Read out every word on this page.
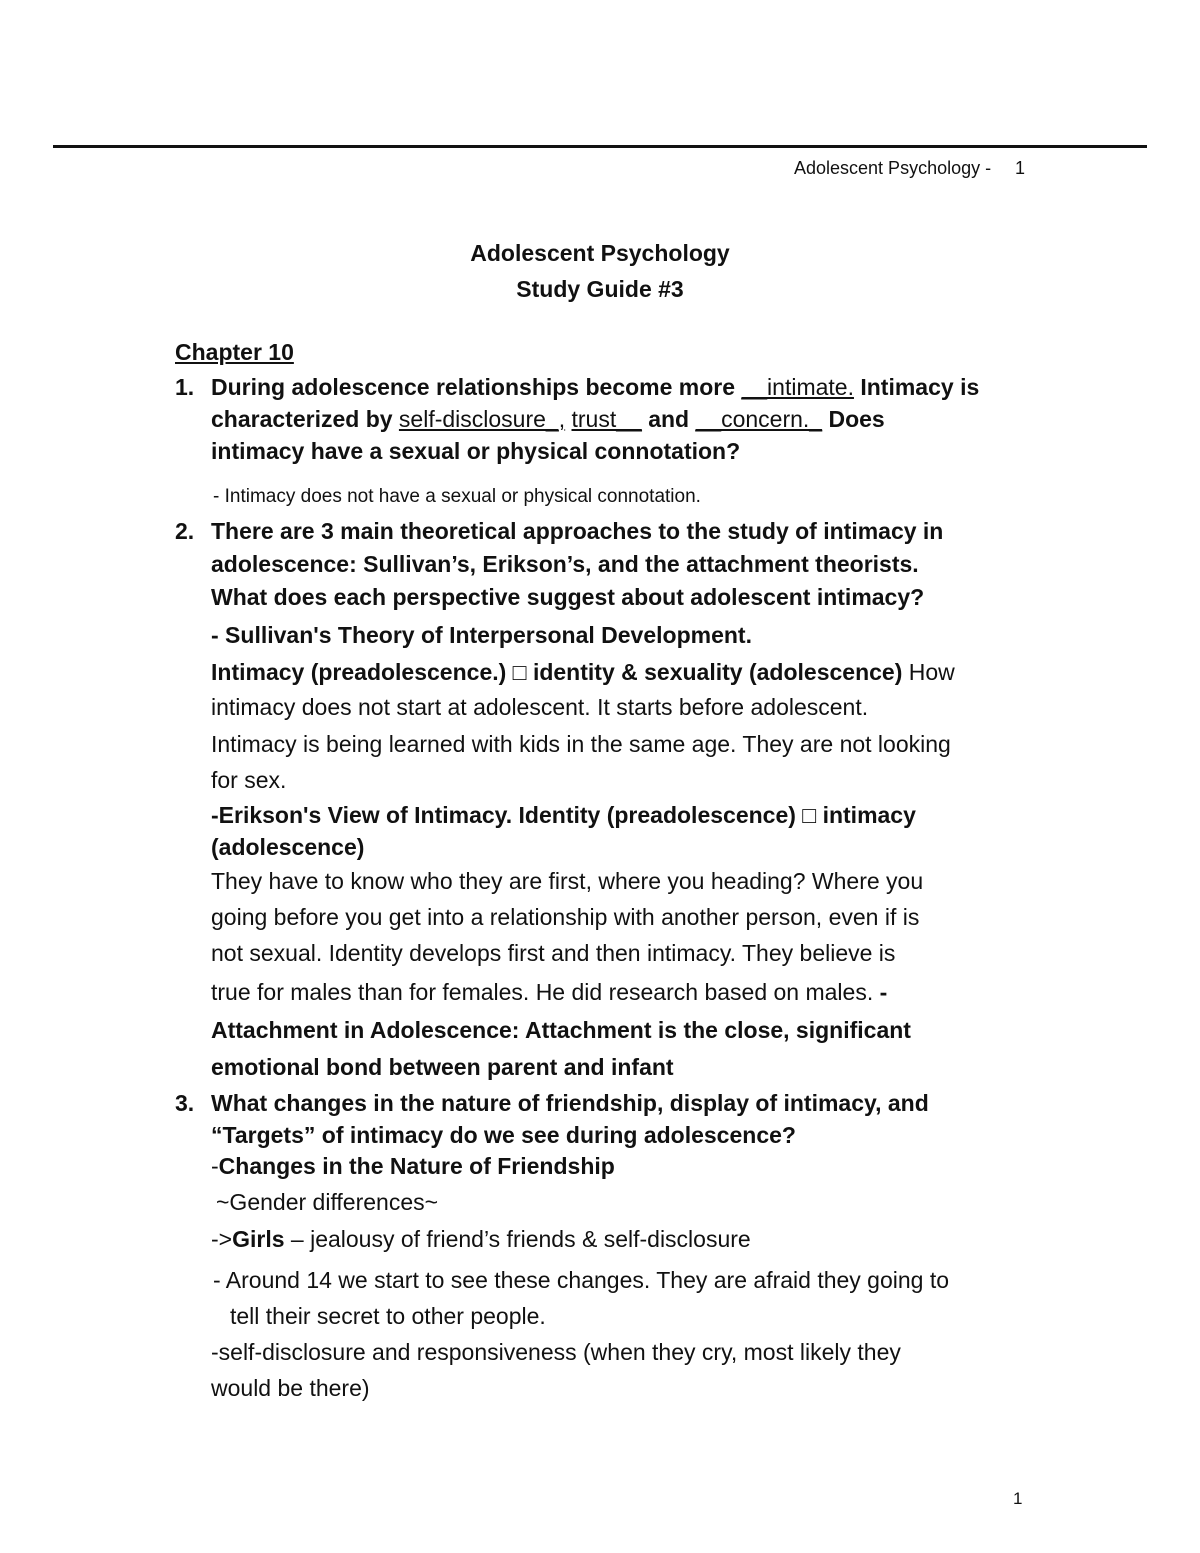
Adolescent Psychology - 1
Adolescent Psychology
Study Guide #3
Chapter 10
1. During adolescence relationships become more __intimate. Intimacy is
characterized by self-disclosure_, trust__ and __concern._ Does
intimacy have a sexual or physical connotation?
- Intimacy does not have a sexual or physical connotation.
2. There are 3 main theoretical approaches to the study of intimacy in
adolescence: Sullivan’s, Erikson’s, and the attachment theorists.
What does each perspective suggest about adolescent intimacy?
- Sullivan's Theory of Interpersonal Development.
Intimacy (preadolescence.) □ identity & sexuality (adolescence) How
intimacy does not start at adolescent. It starts before adolescent.
Intimacy is being learned with kids in the same age. They are not looking
for sex.
-Erikson's View of Intimacy. Identity (preadolescence) □ intimacy
(adolescence)
They have to know who they are first, where you heading? Where you
going before you get into a relationship with another person, even if is
not sexual. Identity develops first and then intimacy. They believe is
true for males than for females. He did research based on males. -
Attachment in Adolescence: Attachment is the close, significant
emotional bond between parent and infant
3. What changes in the nature of friendship, display of intimacy, and
“Targets” of intimacy do we see during adolescence?
-Changes in the Nature of Friendship
~Gender differences~
->Girls – jealousy of friend’s friends & self-disclosure
- Around 14 we start to see these changes. They are afraid they going to
tell their secret to other people.
-self-disclosure and responsiveness (when they cry, most likely they
would be there)
1
